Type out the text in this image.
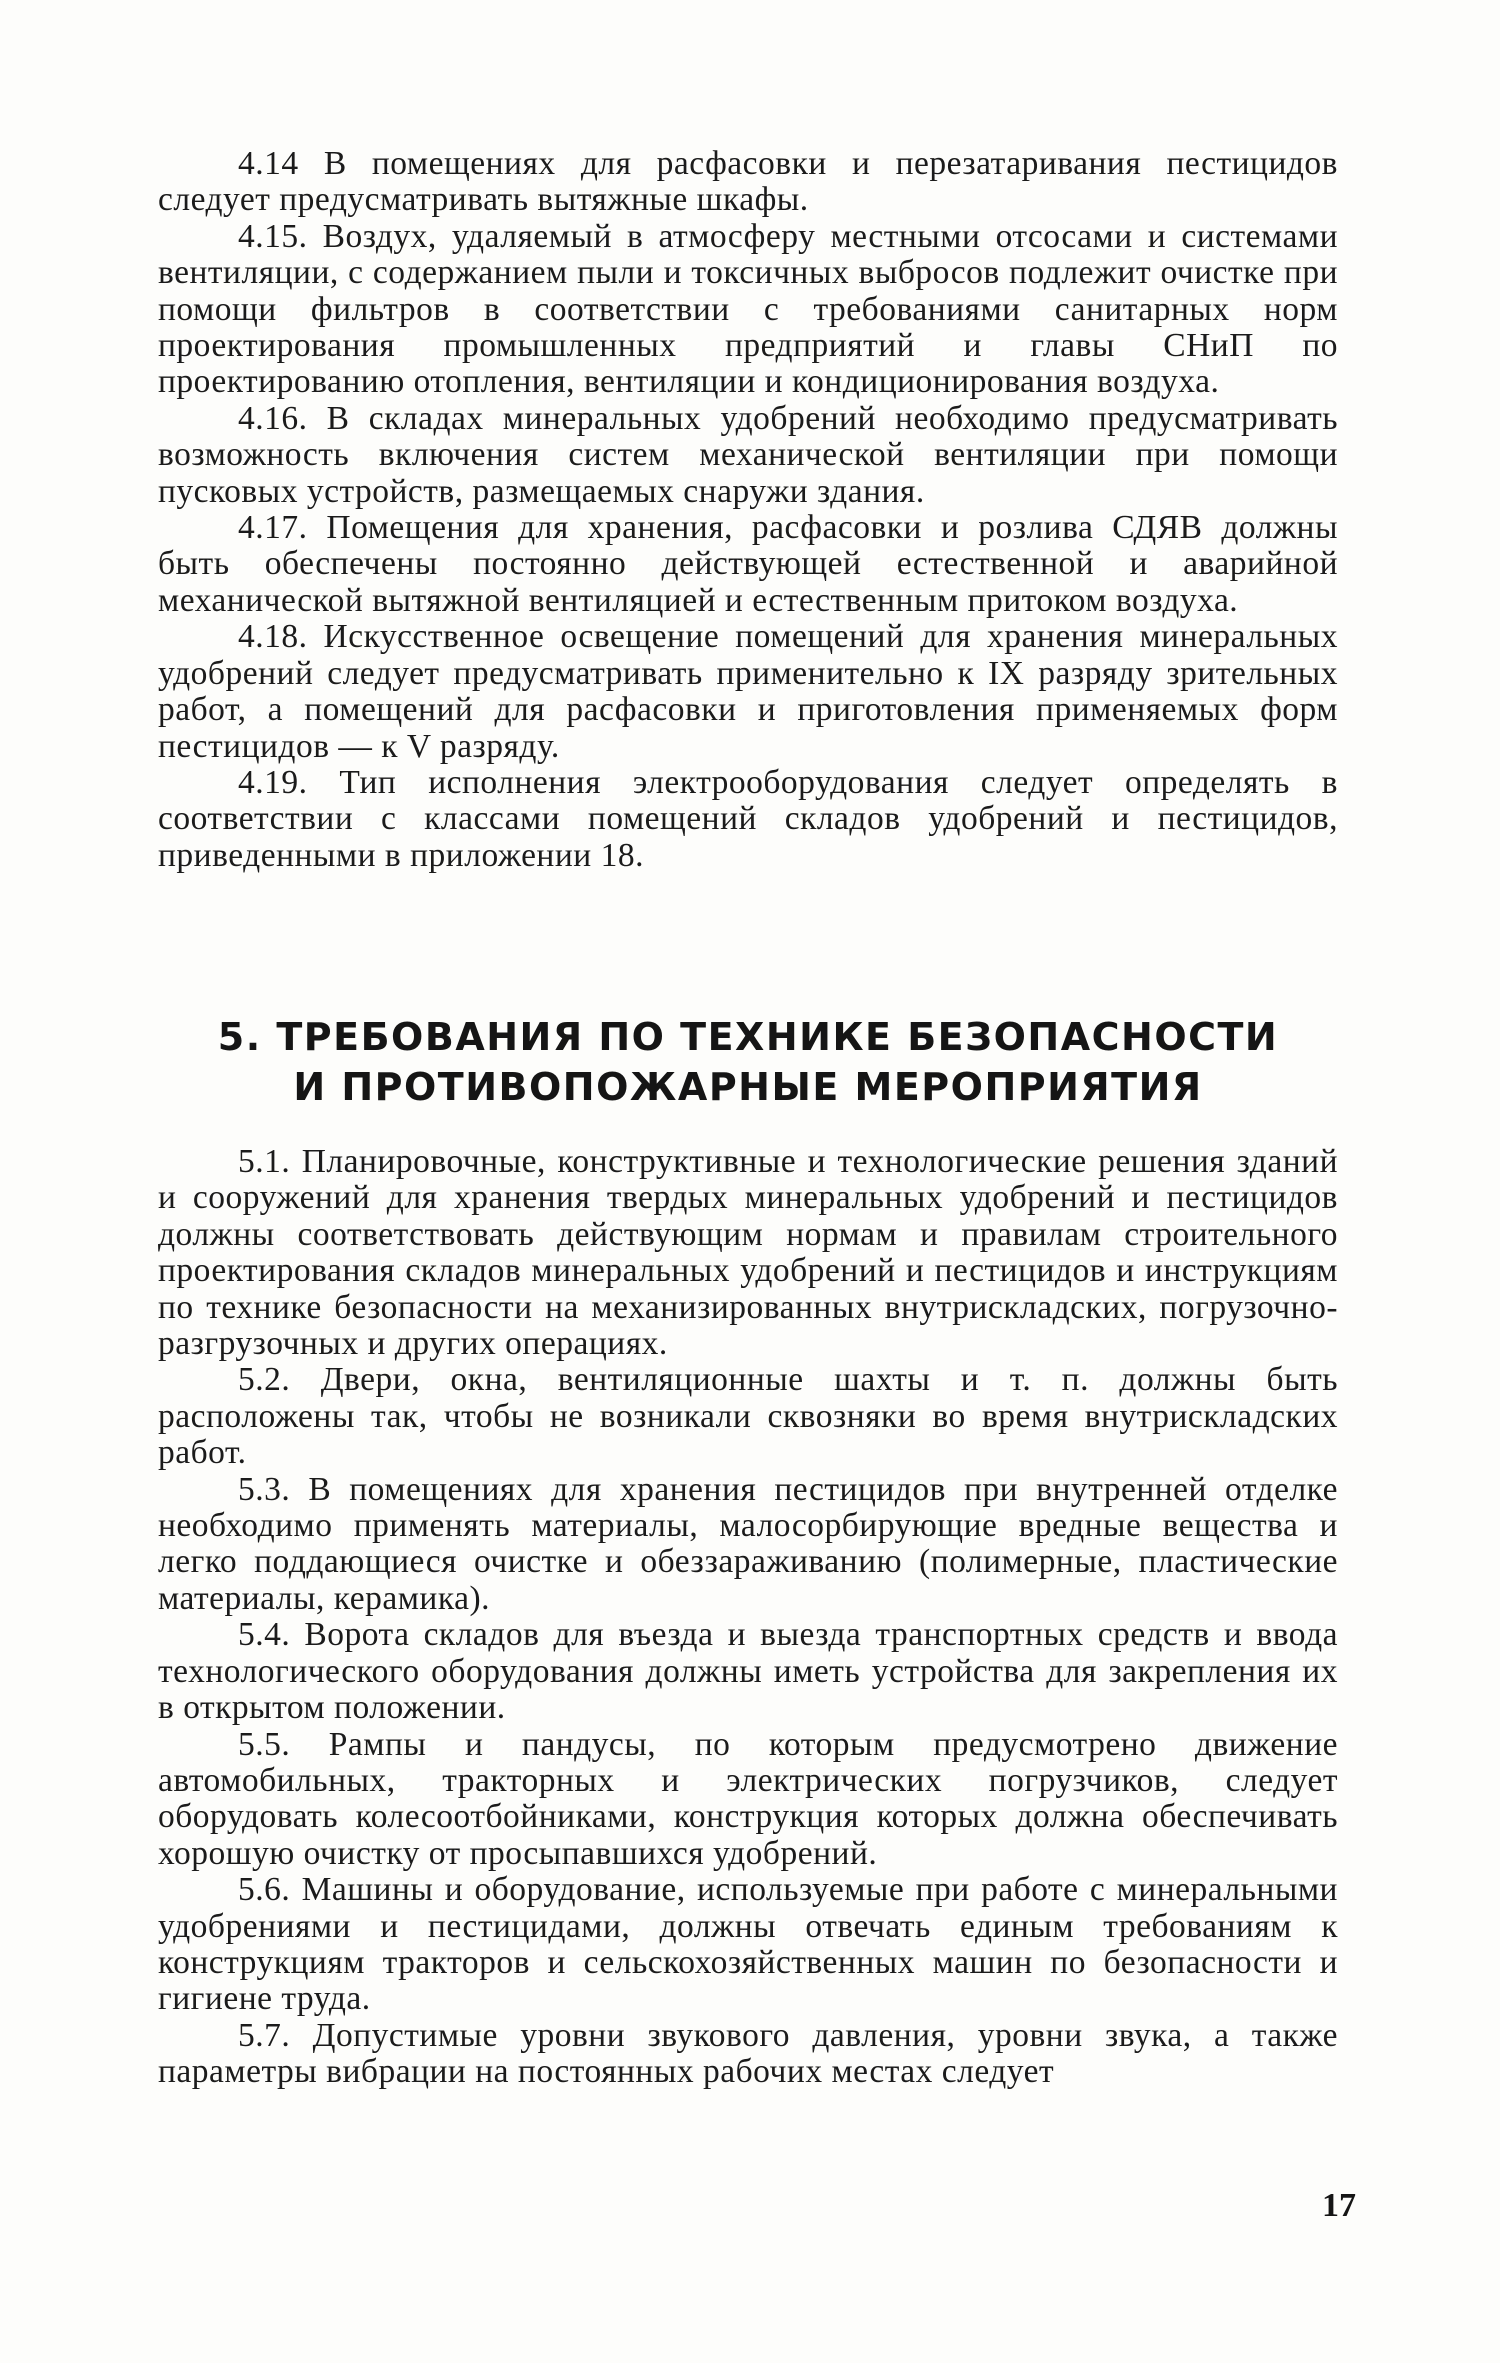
4.14 В помещениях для расфасовки и перезатаривания пестицидов следует предусматривать вытяжные шкафы.

4.15. Воздух, удаляемый в атмосферу местными отсосами и системами вентиляции, с содержанием пыли и токсичных выбросов подлежит очистке при помощи фильтров в соответствии с требованиями санитарных норм проектирования промышленных предприятий и главы СНиП по проектированию отопления, вентиляции и кондиционирования воздуха.

4.16. В складах минеральных удобрений необходимо предусматривать возможность включения систем механической вентиляции при помощи пусковых устройств, размещаемых снаружи здания.

4.17. Помещения для хранения, расфасовки и розлива СДЯВ должны быть обеспечены постоянно действующей естественной и аварийной механической вытяжной вентиляцией и естественным притоком воздуха.

4.18. Искусственное освещение помещений для хранения минеральных удобрений следует предусматривать применительно к IX разряду зрительных работ, а помещений для расфасовки и приготовления применяемых форм пестицидов — к V разряду.

4.19. Тип исполнения электрооборудования следует определять в соответствии с классами помещений складов удобрений и пестицидов, приведенными в приложении 18.

5. ТРЕБОВАНИЯ ПО ТЕХНИКЕ БЕЗОПАСНОСТИ
И ПРОТИВОПОЖАРНЫЕ МЕРОПРИЯТИЯ

5.1. Планировочные, конструктивные и технологические решения зданий и сооружений для хранения твердых минеральных удобрений и пестицидов должны соответствовать действующим нормам и правилам строительного проектирования складов минеральных удобрений и пестицидов и инструкциям по технике безопасности на механизированных внутрискладских, погрузочно-разгрузочных и других операциях.

5.2. Двери, окна, вентиляционные шахты и т. п. должны быть расположены так, чтобы не возникали сквозняки во время внутрискладских работ.

5.3. В помещениях для хранения пестицидов при внутренней отделке необходимо применять материалы, малосорбирующие вредные вещества и легко поддающиеся очистке и обеззараживанию (полимерные, пластические материалы, керамика).

5.4. Ворота складов для въезда и выезда транспортных средств и ввода технологического оборудования должны иметь устройства для закрепления их в открытом положении.

5.5. Рампы и пандусы, по которым предусмотрено движение автомобильных, тракторных и электрических погрузчиков, следует оборудовать колесоотбойниками, конструкция которых должна обеспечивать хорошую очистку от просыпавшихся удобрений.

5.6. Машины и оборудование, используемые при работе с минеральными удобрениями и пестицидами, должны отвечать единым требованиям к конструкциям тракторов и сельскохозяйственных машин по безопасности и гигиене труда.

5.7. Допустимые уровни звукового давления, уровни звука, а также параметры вибрации на постоянных рабочих местах следует

17
